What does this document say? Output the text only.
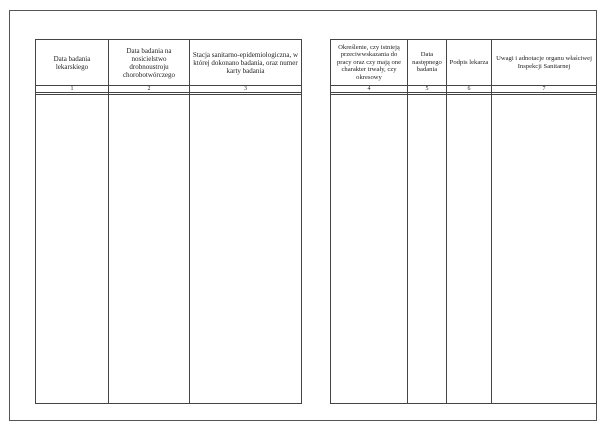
Data badania lekarskiego
1
Data badania na nosicielstwo drobnoustroju chorobotwórczego
2
Stacja sanitarno-epidemiologiczna, w której dokonano badania, oraz numer karty badania
3
Określenie, czy istnieją przeciwwskazania do pracy oraz czy mają one charakter trwały, czy okresowy
4
Data następnego badania
5
Podpis lekarza
6
Uwagi i adnotacje organu właściwej Inspekcji Sanitarnej
7
